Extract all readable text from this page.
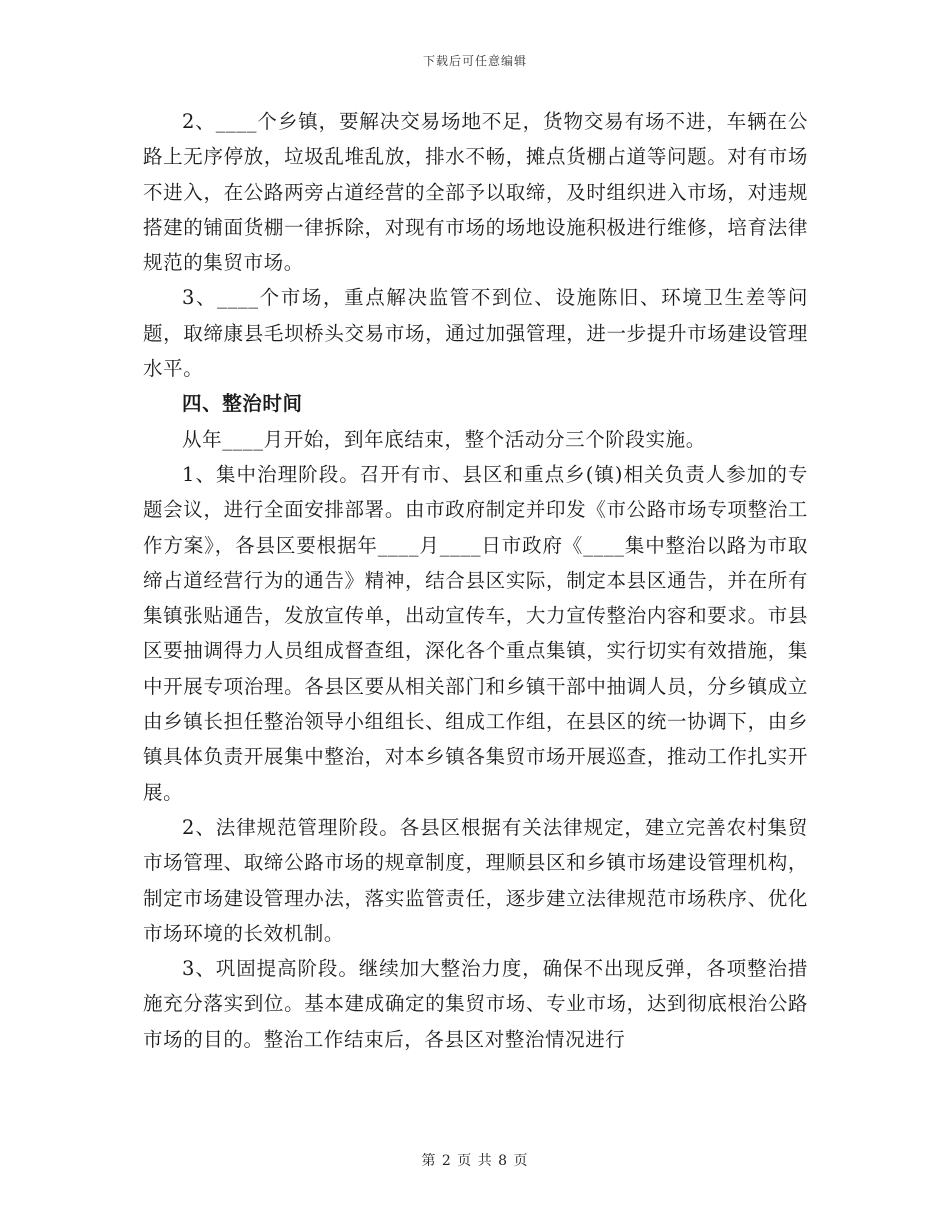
下载后可任意编辑

2、____个乡镇，要解决交易场地不足，货物交易有场不进，车辆在公路上无序停放，垃圾乱堆乱放，排水不畅，摊点货棚占道等问题。对有市场不进入，在公路两旁占道经营的全部予以取缔，及时组织进入市场，对违规搭建的铺面货棚一律拆除，对现有市场的场地设施积极进行维修，培育法律规范的集贸市场。

3、____个市场，重点解决监管不到位、设施陈旧、环境卫生差等问题，取缔康县毛坝桥头交易市场，通过加强管理，进一步提升市场建设管理水平。

四、整治时间

从年____月开始，到年底结束，整个活动分三个阶段实施。

1、集中治理阶段。召开有市、县区和重点乡(镇)相关负责人参加的专题会议，进行全面安排部署。由市政府制定并印发《市公路市场专项整治工作方案》，各县区要根据年____月____日市政府《____集中整治以路为市取缔占道经营行为的通告》精神，结合县区实际，制定本县区通告，并在所有集镇张贴通告，发放宣传单，出动宣传车，大力宣传整治内容和要求。市县区要抽调得力人员组成督查组，深化各个重点集镇，实行切实有效措施，集中开展专项治理。各县区要从相关部门和乡镇干部中抽调人员，分乡镇成立由乡镇长担任整治领导小组组长、组成工作组，在县区的统一协调下，由乡镇具体负责开展集中整治，对本乡镇各集贸市场开展巡查，推动工作扎实开展。

2、法律规范管理阶段。各县区根据有关法律规定，建立完善农村集贸市场管理、取缔公路市场的规章制度，理顺县区和乡镇市场建设管理机构，制定市场建设管理办法，落实监管责任，逐步建立法律规范市场秩序、优化市场环境的长效机制。

3、巩固提高阶段。继续加大整治力度，确保不出现反弹，各项整治措施充分落实到位。基本建成确定的集贸市场、专业市场，达到彻底根治公路市场的目的。整治工作结束后，各县区对整治情况进行

第 2 页 共 8 页
